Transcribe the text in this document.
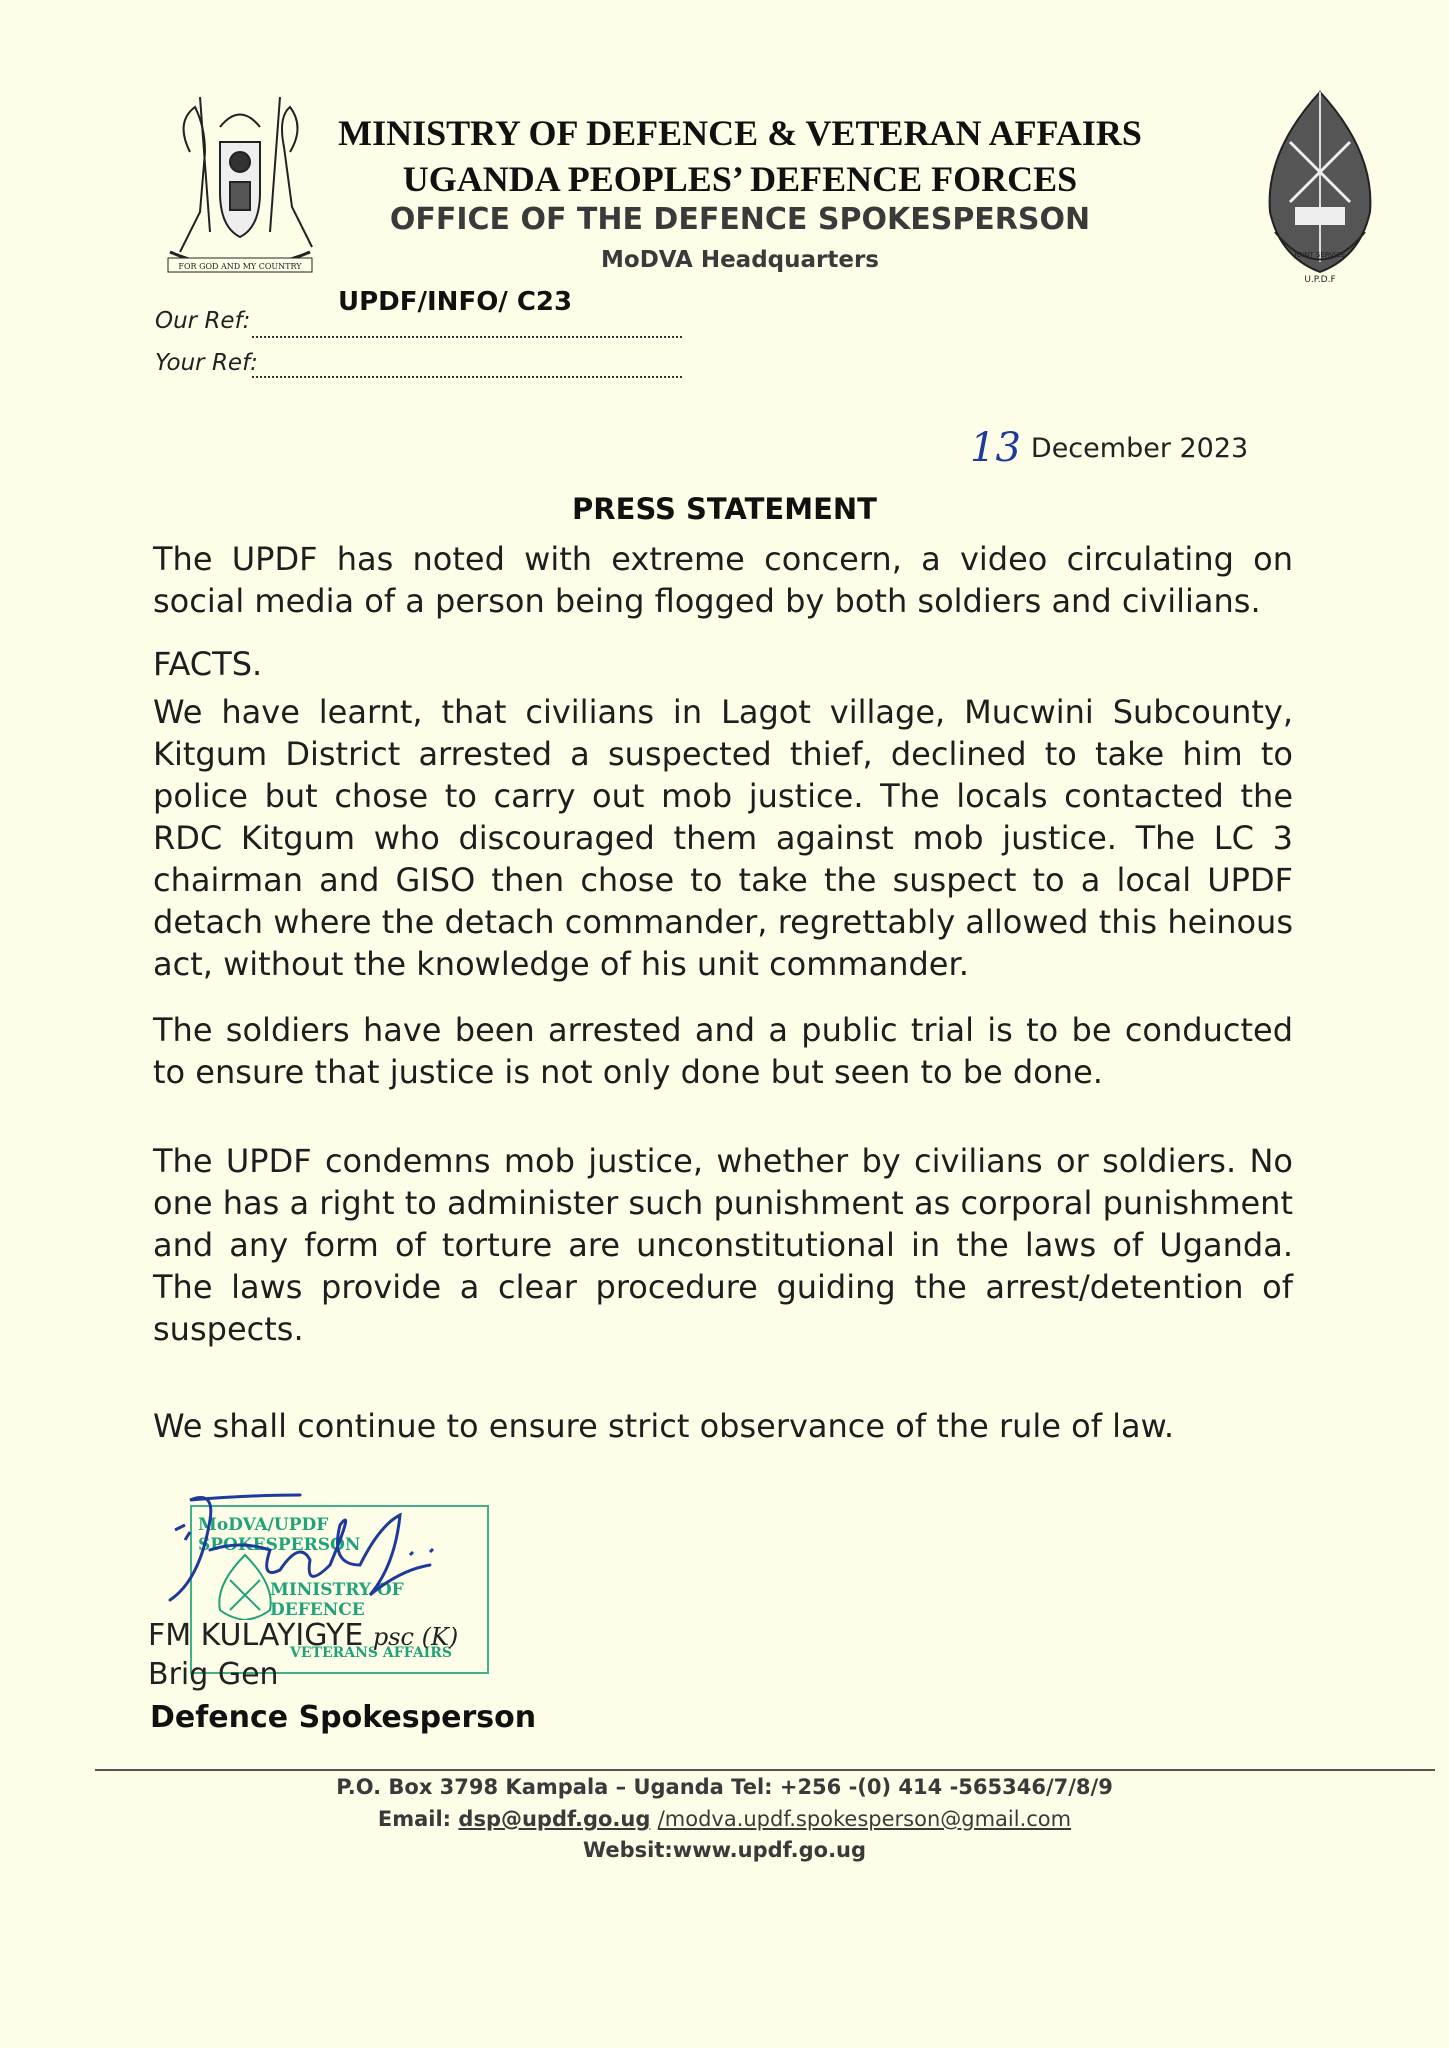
FOR GOD AND MY COUNTRY
U.P.D.F
JOINT SERVICE
MINISTRY OF DEFENCE & VETERAN AFFAIRS
UGANDA PEOPLES’ DEFENCE FORCES
OFFICE OF THE DEFENCE SPOKESPERSON
MoDVA Headquarters
UPDF/INFO/ C23
Our Ref:
Your Ref:
13 December 2023
PRESS STATEMENT
The UPDF has noted with extreme concern, a video circulating on social media of a person being flogged by both soldiers and civilians.
FACTS.
We have learnt, that civilians in Lagot village, Mucwini Subcounty, Kitgum District arrested a suspected thief, declined to take him to police but chose to carry out mob justice. The locals contacted the RDC Kitgum who discouraged them against mob justice. The LC 3 chairman and GISO then chose to take the suspect to a local UPDF detach where the detach commander, regrettably allowed this heinous act, without the knowledge of his unit commander.
The soldiers have been arrested and a public trial is to be conducted to ensure that justice is not only done but seen to be done.
The UPDF condemns mob justice, whether by civilians or soldiers. No one has a right to administer such punishment as corporal punishment and any form of torture are unconstitutional in the laws of Uganda. The laws provide a clear procedure guiding the arrest/detention of suspects.
We shall continue to ensure strict observance of the rule of law.
MoDVA/UPDF SPOKESPERSON
MINISTRY OF DEFENCE
VETERANS AFFAIRS
FM KULAYIGYE psc (K)
Brig Gen
Defence Spokesperson
P.O. Box 3798 Kampala – Uganda Tel: +256 -(0) 414 -565346/7/8/9
Email: dsp@updf.go.ug /modva.updf.spokesperson@gmail.com
Websit:www.updf.go.ug
